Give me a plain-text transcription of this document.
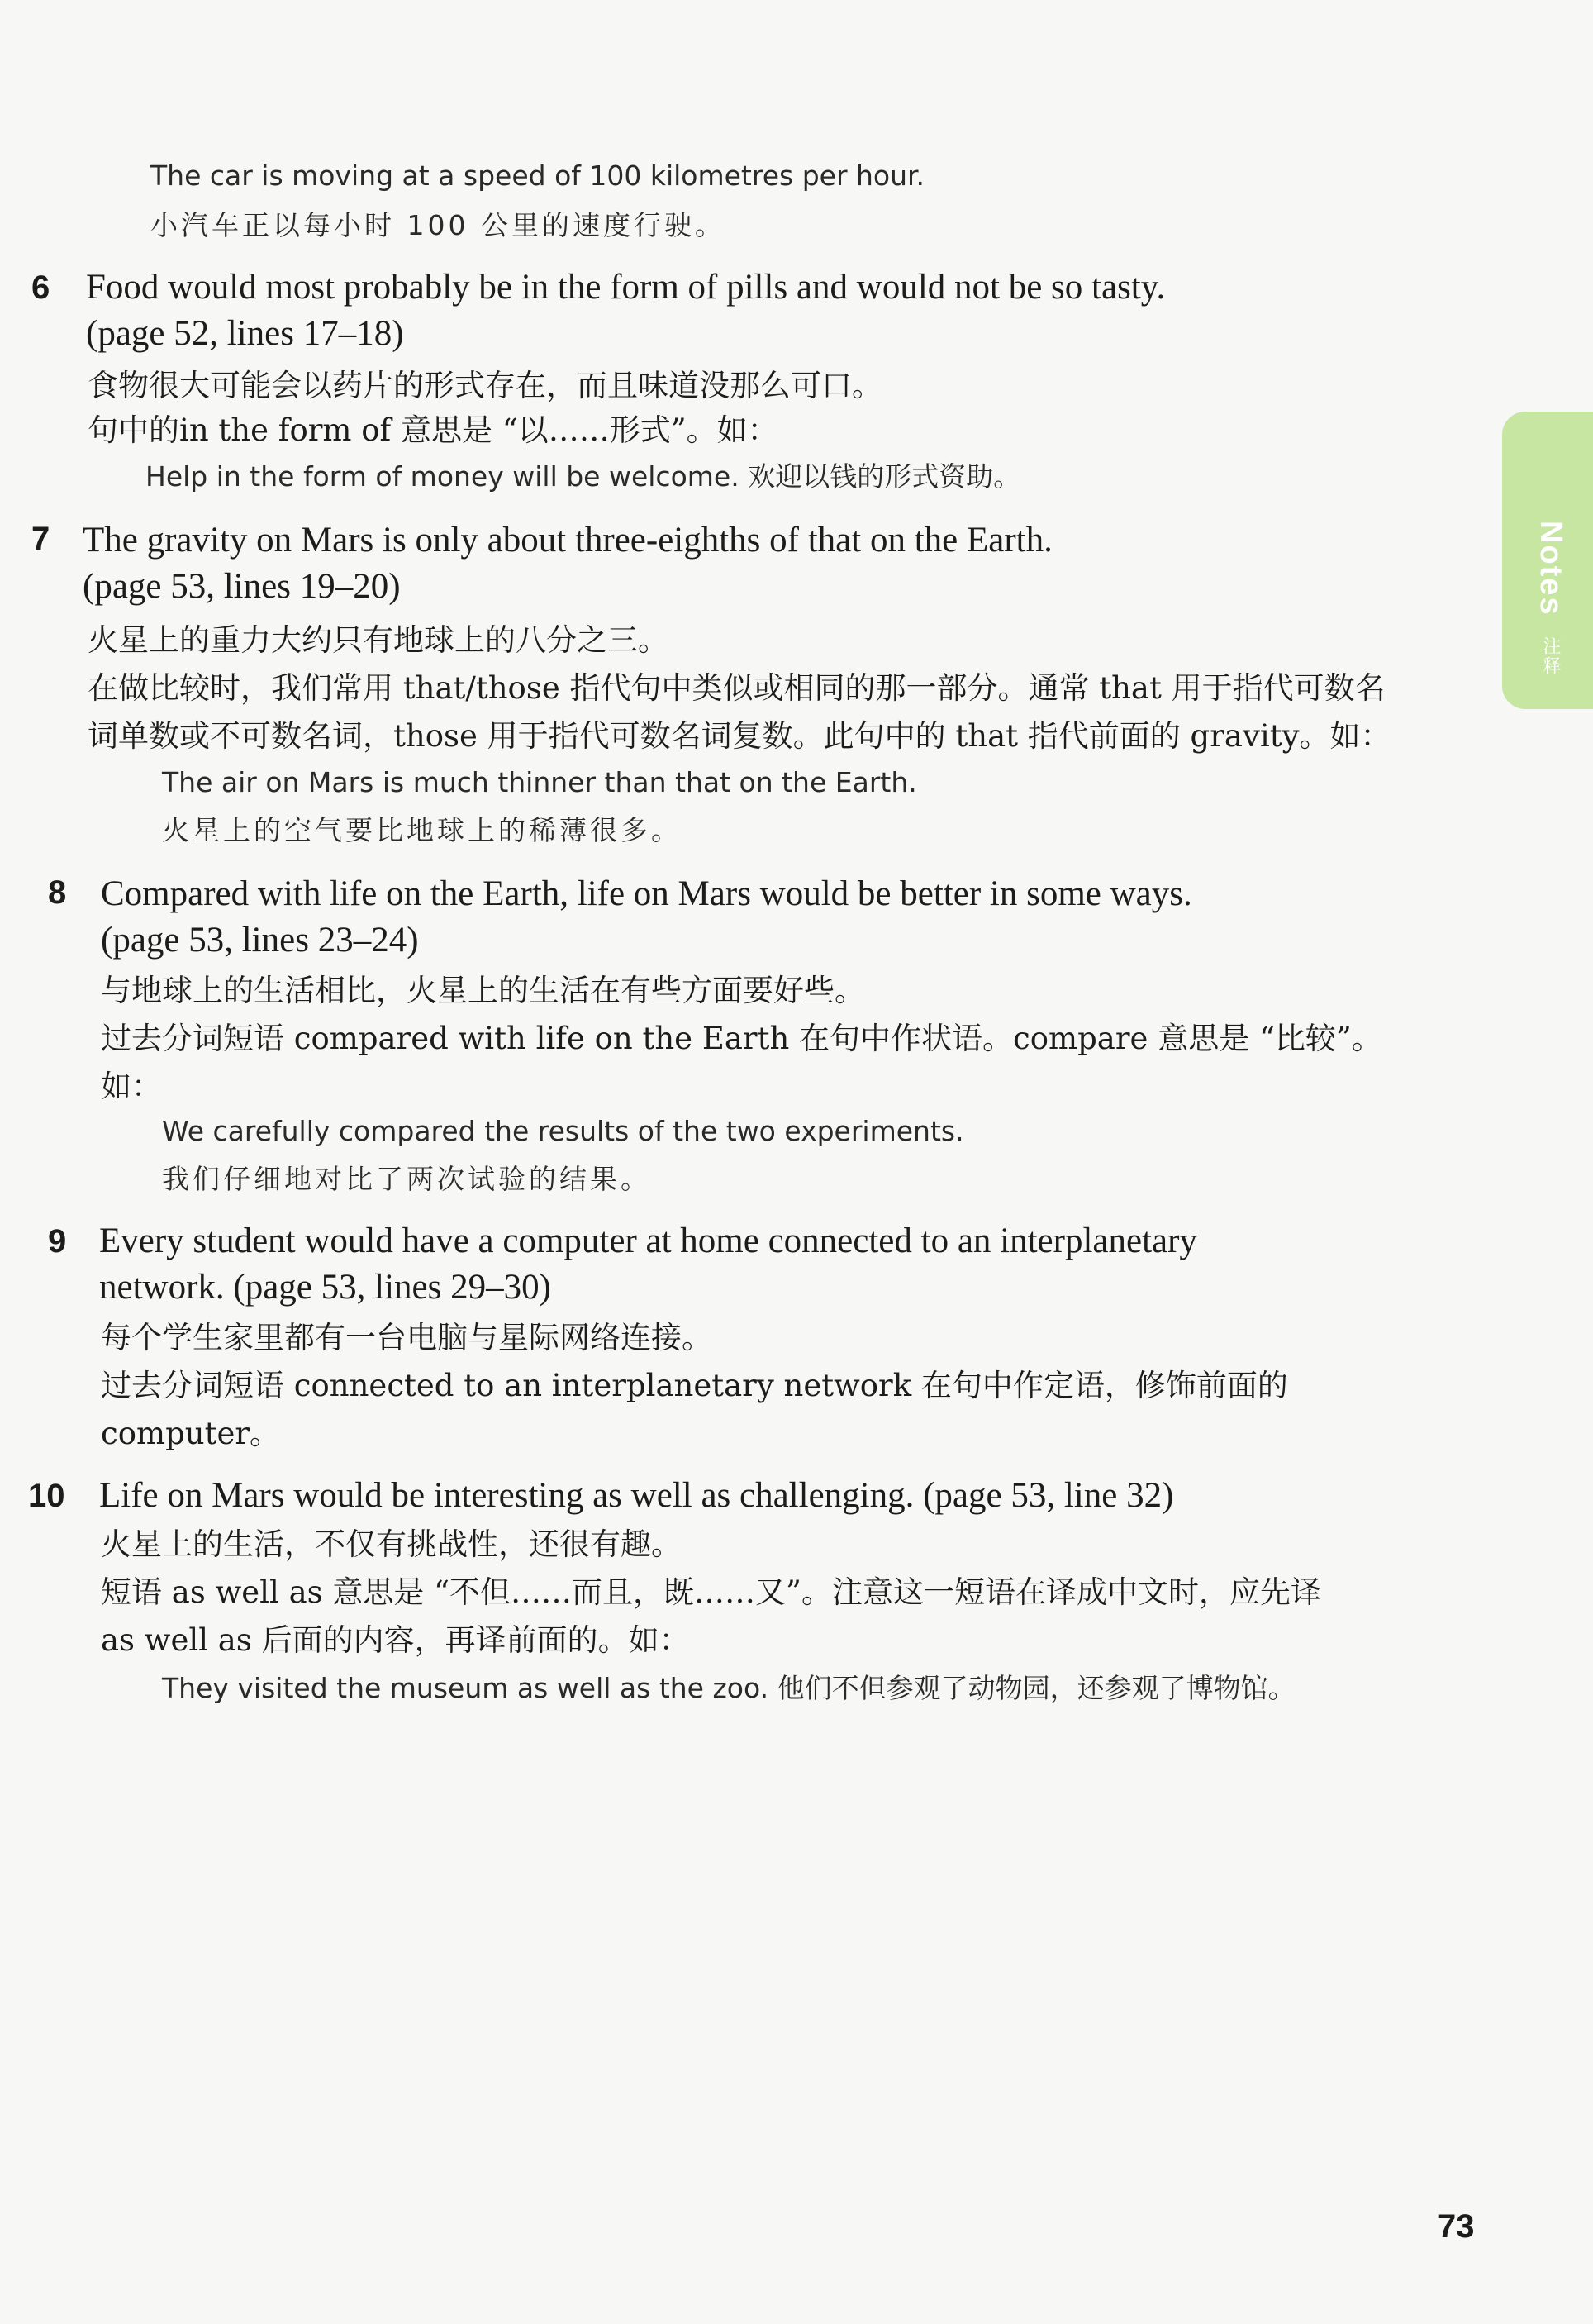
The car is moving at a speed of 100 kilometres per hour.
小汽车正以每小时 100 公里的速度行驶。
6 Food would most probably be in the form of pills and would not be so tasty.
(page 52, lines 17–18)
食物很大可能会以药片的形式存在，而且味道没那么可口。
句中的in the form of 意思是 “以……形式”。如：
Help in the form of money will be welcome. 欢迎以钱的形式资助。
7 The gravity on Mars is only about three-eighths of that on the Earth.
(page 53, lines 19–20)
火星上的重力大约只有地球上的八分之三。
在做比较时，我们常用 that/those 指代句中类似或相同的那一部分。通常 that 用于指代可数名
词单数或不可数名词，those 用于指代可数名词复数。此句中的 that 指代前面的 gravity。如：
The air on Mars is much thinner than that on the Earth.
火星上的空气要比地球上的稀薄很多。
8 Compared with life on the Earth, life on Mars would be better in some ways.
(page 53, lines 23–24)
与地球上的生活相比，火星上的生活在有些方面要好些。
过去分词短语 compared with life on the Earth 在句中作状语。compare 意思是 “比较”。
如：
We carefully compared the results of the two experiments.
我们仔细地对比了两次试验的结果。
9 Every student would have a computer at home connected to an interplanetary
network. (page 53, lines 29–30)
每个学生家里都有一台电脑与星际网络连接。
过去分词短语 connected to an interplanetary network 在句中作定语，修饰前面的
computer。
10 Life on Mars would be interesting as well as challenging. (page 53, line 32)
火星上的生活，不仅有挑战性，还很有趣。
短语 as well as 意思是 “不但……而且，既……又”。注意这一短语在译成中文时，应先译
as well as 后面的内容，再译前面的。如：
They visited the museum as well as the zoo. 他们不但参观了动物园，还参观了博物馆。
Notes 注释
73
